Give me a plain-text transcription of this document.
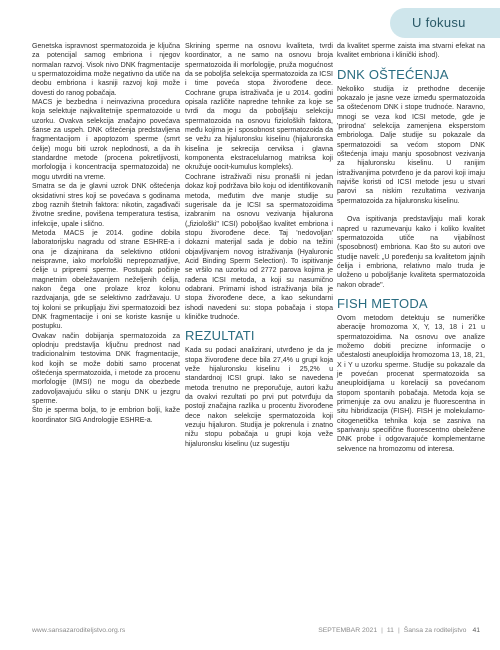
U fokusu

Genetska ispravnost spermatozoida je ključna za potencijal samog embriona i njegov normalan razvoj. Visok nivo DNK fragmentacije u spermatozoidima može negativno da utiče na deobu embriona i kasniji razvoj koji može dovesti do ranog pobačaja.

MACS je bezbedna i neinvazivna procedura koja selektuje najkvalitetnije spermatozoide u uzorku. Ovakva selekcija značajno povećava šanse za uspeh. DNK oštećenja predstavljena fragmentacijom i apoptozom sperme (smrt ćelije) mogu biti uzrok neplodnosti, a da ih standardne metode (procena pokretljivosti, morfologija i koncentracija spermatozoida) ne mogu utvrditi na vreme.

Smatra se da je glavni uzrok DNK oštećenja oksidativni stres koji se povećava s godinama zbog raznih štetnih faktora: nikotin, zagađivači životne sredine, povišena temperatura testisa, infekcije, upale i slično.

Metoda MACS je 2014. godine dobila laboratorijsku nagradu od strane ESHRE-a i ona je dizajnirana da selektivno otkloni neispravne, iako morfološki neprepoznatljive, ćelije u pripremi sperme. Postupak počinje magnetnim obeležavanjem neželjenih ćelija, nakon čega one prolaze kroz kolonu razdvajanja, gde se selektivno zadržavaju. U toj koloni se prikupljaju živi spermatozoidi bez DNK fragmentacije i oni se koriste kasnije u postupku.

Ovakav način dobijanja spermatozoida za oplodnju predstavlja ključnu prednost nad tradicionalnim testovima DNK fragmentacije, kod kojih se može dobiti samo procenat oštećenja spermatozoida, i metode za procenu morfologije (IMSI) ne mogu da obezbede zadovoljavajuću sliku o stanju DNK u jezgru sperme.

Što je sperma bolja, to je embrion bolji, kaže koordinator SIG Andrologije ESHRE-a.

Skrining sperme na osnovu kvaliteta, tvrdi koordinator, a ne samo na osnovu broja spermatozoida ili morfologije, pruža mogućnost da se poboljša selekcija spermatozoida za ICSI i time poveća stopa živorođene dece. Cochrane grupa istraživača je u 2014. godini opisala različite napredne tehnike za koje se tvrdi da mogu da poboljšaju selekciju spermatozoida na osnovu fizioloških faktora, među kojima je i sposobnost spermatozoida da se vežu za hijaluronsku kiselinu (hijaluronska kiselina je sekrecija cerviksa i glavna komponenta ekstracelularnog matriksa koji okružuje oocit-kumulus kompleks).

Cochrane istraživači nisu pronašli ni jedan dokaz koji podržava bilo koju od identifikovanih metoda, međutim dve manje studije su sugerisale da je ICSI sa spermatozoidima izabranim na osnovu vezivanja hijalurona („fiziološki" ICSI) poboljšao kvalitet embriona i stopu živorođene dece. Taj 'nedovoljan' dokazni materijal sada je dobio na težini objavljivanjem novog istraživanja (Hyaluronic Acid Binding Sperm Selection). To ispitivanje se vršilo na uzorku od 2772 parova kojima je rađena ICSI metoda, a koji su nasumično odabrani. Primarni ishod istraživanja bila je stopa živorođene dece, a kao sekundarni ishodi navedeni su: stopa pobačaja i stopa kliničke trudnoće.

REZULTATI

Kada su podaci analizirani, utvrđeno je da je stopa živorođene dece bila 27,4% u grupi koja veže hijaluronsku kiselinu i 25,2% u standardnoj ICSI grupi. Iako se navedena metoda trenutno ne preporučuje, autori kažu da ovakvi rezultati po prvi put potvrđuju da postoji značajna razlika u procentu živorođene dece nakon selekcije spermatozoida koji vezuju hijaluron. Studija je pokrenula i znatno nižu stopu pobačaja u grupi koja veže hijaluronsku kiselinu (uz sugestiju

da kvalitet sperme zaista ima stvarni efekat na kvalitet embriona i klinički ishod).

DNK OŠTEĆENJA

Nekoliko studija iz prethodne decenije pokazalo je jasne veze između spermatozoida sa oštećenom DNK i stope trudnoće. Naravno, mnogi se veza kod ICSI metode, gde je 'prirodna' selekcija zamenjena eksperstom embriologa. Dalje studije su pokazale da spermatozoidi sa većom stopom DNK oštećenja imaju manju sposobnost vezivanja za hijaluronsku kiselinu. U ranijim istraživanjima potvrđeno je da parovi koji imaju najviše koristi od ICSI metode jesu u stvari parovi sa niskim rezultatima vezivanja spermatozoida za hijaluronsku kiselinu.

Ova ispitivanja predstavljaju mali korak napred u razumevanju kako i koliko kvalitet spermatozoida utiče na vijabilnost (sposobnost) embriona. Kao što su autori ove studije naveli: „U poređenju sa kvalitetom jajnih ćelija i embriona, relativno malo truda je uloženo u poboljšanje kvaliteta spermatozoida nakon obrade".

FISH METODA

Ovom metodom detektuju se numeričke aberacije hromozoma X, Y, 13, 18 i 21 u spermatozoidima. Na osnovu ove analize možemo dobiti precizne informacije o učestalosti aneuploidija hromozoma 13, 18, 21, X i Y u uzorku sperme. Studije su pokazale da je povećan procenat spermatozoida sa aneuploidijama u korelaciji sa povećanom stopom spontanih pobačaja. Metoda koja se primenjuje za ovu analizu je fluorescentna in situ hibridizacija (FISH). FISH je molekularno-citogenetička tehnika koja se zasniva na sparivanju specifične fluorescentno obeležene DNK probe i odgovarajuće komplementarne sekvence na hromozomu od interesa.

www.sansazaroditeljstvo.org.rs	SEPTEMBAR 2021 | 11 | Šansa za roditeljstvo 41
